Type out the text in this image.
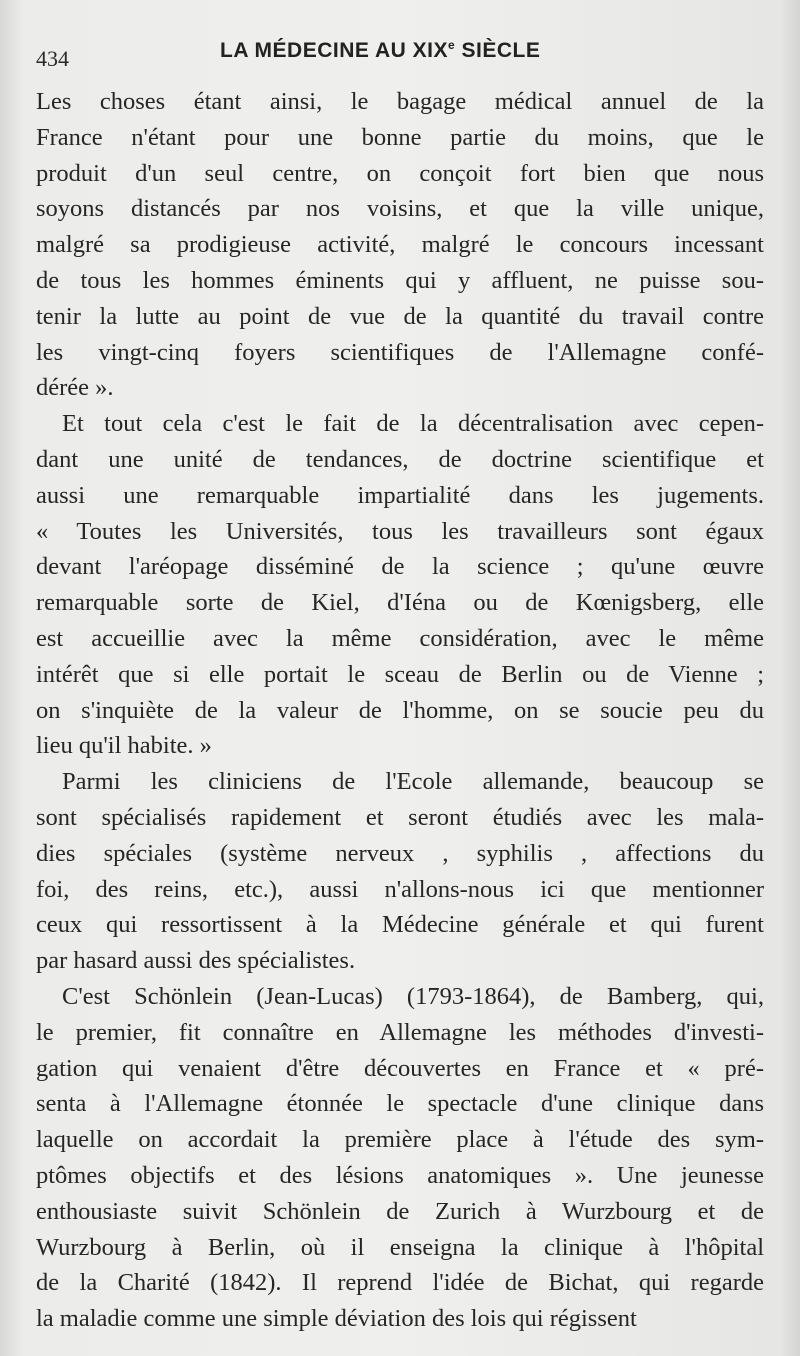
434	LA MÉDECINE AU XIXe SIÈCLE
Les choses étant ainsi, le bagage médical annuel de la
France n'étant pour une bonne partie du moins, que le
produit d'un seul centre, on conçoit fort bien que nous
soyons distancés par nos voisins, et que la ville unique,
malgré sa prodigieuse activité, malgré le concours incessant
de tous les hommes éminents qui y affluent, ne puisse sou-
tenir la lutte au point de vue de la quantité du travail contre
les vingt-cinq foyers scientifiques de l'Allemagne confé-
dérée ».
Et tout cela c'est le fait de la décentralisation avec cepen-
dant une unité de tendances, de doctrine scientifique et
aussi une remarquable impartialité dans les jugements.
« Toutes les Universités, tous les travailleurs sont égaux
devant l'aréopage disséminé de la science ; qu'une œuvre
remarquable sorte de Kiel, d'Iéna ou de Kœnigsberg, elle
est accueillie avec la même considération, avec le même
intérêt que si elle portait le sceau de Berlin ou de Vienne ;
on s'inquiète de la valeur de l'homme, on se soucie peu du
lieu qu'il habite. »
Parmi les cliniciens de l'Ecole allemande, beaucoup se
sont spécialisés rapidement et seront étudiés avec les mala-
dies spéciales (système nerveux , syphilis , affections du
foi, des reins, etc.), aussi n'allons-nous ici que mentionner
ceux qui ressortissent à la Médecine générale et qui furent
par hasard aussi des spécialistes.
C'est Schönlein (Jean-Lucas) (1793-1864), de Bamberg, qui,
le premier, fit connaître en Allemagne les méthodes d'investi-
gation qui venaient d'être découvertes en France et « pré-
senta à l'Allemagne étonnée le spectacle d'une clinique dans
laquelle on accordait la première place à l'étude des sym-
ptômes objectifs et des lésions anatomiques ». Une jeunesse
enthousiaste suivit Schönlein de Zurich à Wurzbourg et de
Wurzbourg à Berlin, où il enseigna la clinique à l'hôpital
de la Charité (1842). Il reprend l'idée de Bichat, qui regarde
la maladie comme une simple déviation des lois qui régissent
